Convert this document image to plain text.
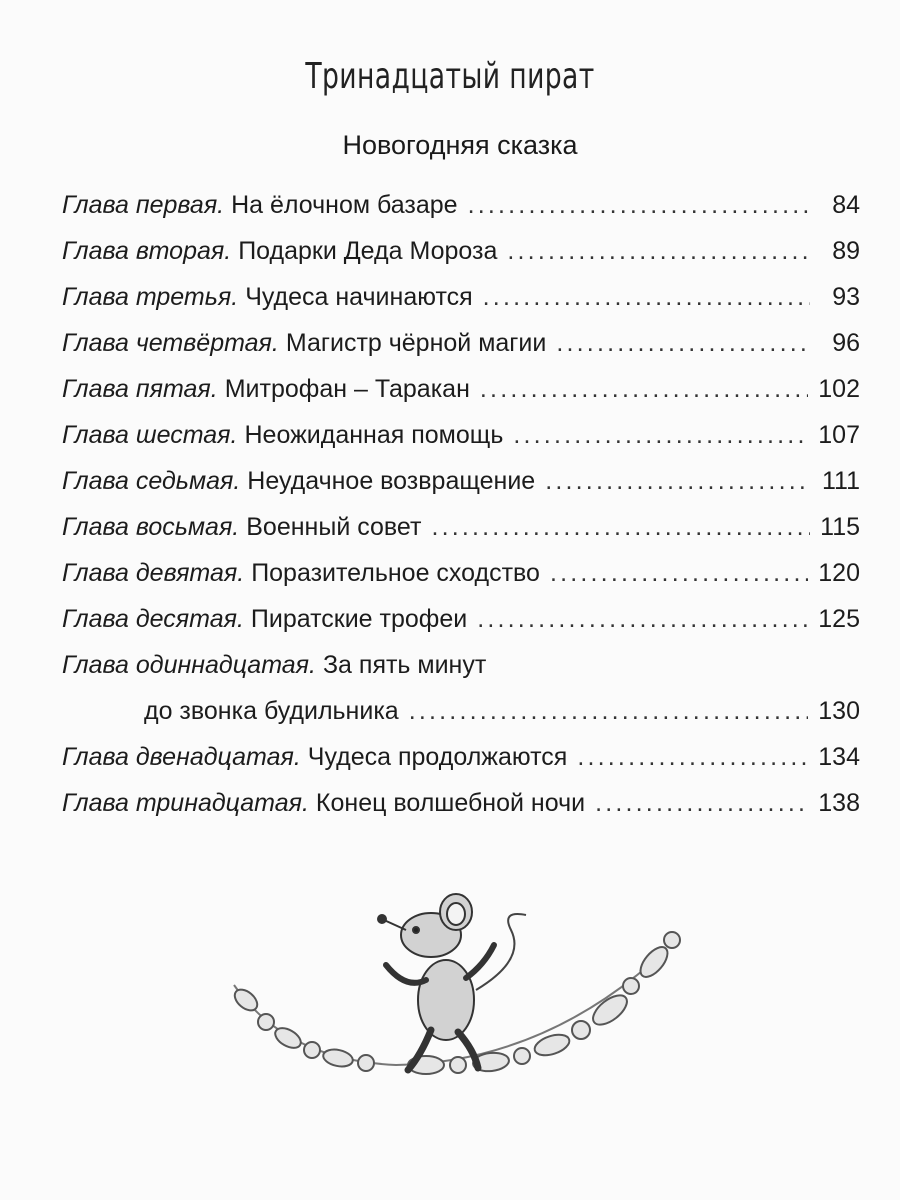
Тринадцатый пират
Новогодняя сказка
Глава первая. На ёлочном базаре .....	84
Глава вторая. Подарки Деда Мороза .....	89
Глава третья. Чудеса начинаются .....	93
Глава четвёртая. Магистр чёрной магии .....	96
Глава пятая. Митрофан – Таракан .....	102
Глава шестая. Неожиданная помощь .....	107
Глава седьмая. Неудачное возвращение .....	111
Глава восьмая. Военный совет .....	115
Глава девятая. Поразительное сходство .....	120
Глава десятая. Пиратские трофеи .....	125
Глава одиннадцатая. За пять минут
до звонка будильника .....	130
Глава двенадцатая. Чудеса продолжаются .....	134
Глава тринадцатая. Конец волшебной ночи .....	138
